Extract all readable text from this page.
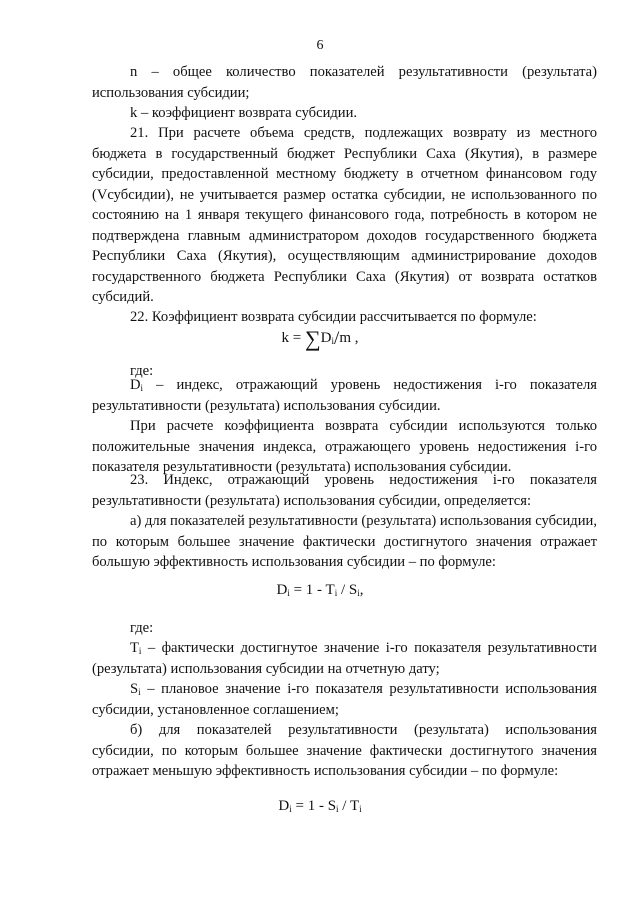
6

n – общее количество показателей результативности (результата) использования субсидии;

k – коэффициент возврата субсидии.

21. При расчете объема средств, подлежащих возврату из местного бюджета в государственный бюджет Республики Саха (Якутия), в размере субсидии, предоставленной местному бюджету в отчетном финансовом году (Vсубсидии), не учитывается размер остатка субсидии, не использованного по состоянию на 1 января текущего финансового года, потребность в котором не подтверждена главным администратором доходов государственного бюджета Республики Саха (Якутия), осуществляющим администрирование доходов государственного бюджета Республики Саха (Якутия) от возврата остатков субсидий.

22. Коэффициент возврата субсидии рассчитывается по формуле:

$k = \sum D_i/m$ ,

где:

$D_i$ – индекс, отражающий уровень недостижения i-го показателя результативности (результата) использования субсидии.

При расчете коэффициента возврата субсидии используются только положительные значения индекса, отражающего уровень недостижения i-го показателя результативности (результата) использования субсидии.

23. Индекс, отражающий уровень недостижения i-го показателя результативности (результата) использования субсидии, определяется:

а) для показателей результативности (результата) использования субсидии, по которым большее значение фактически достигнутого значения отражает большую эффективность использования субсидии – по формуле:

$D_i = 1 - T_i / S_i$,

где:

$T_i$ – фактически достигнутое значение i-го показателя результативности (результата) использования субсидии на отчетную дату;

$S_i$ – плановое значение i-го показателя результативности использования субсидии, установленное соглашением;

б) для показателей результативности (результата) использования субсидии, по которым большее значение фактически достигнутого значения отражает меньшую эффективность использования субсидии – по формуле:

$D_i = 1 - S_i / T_i$
